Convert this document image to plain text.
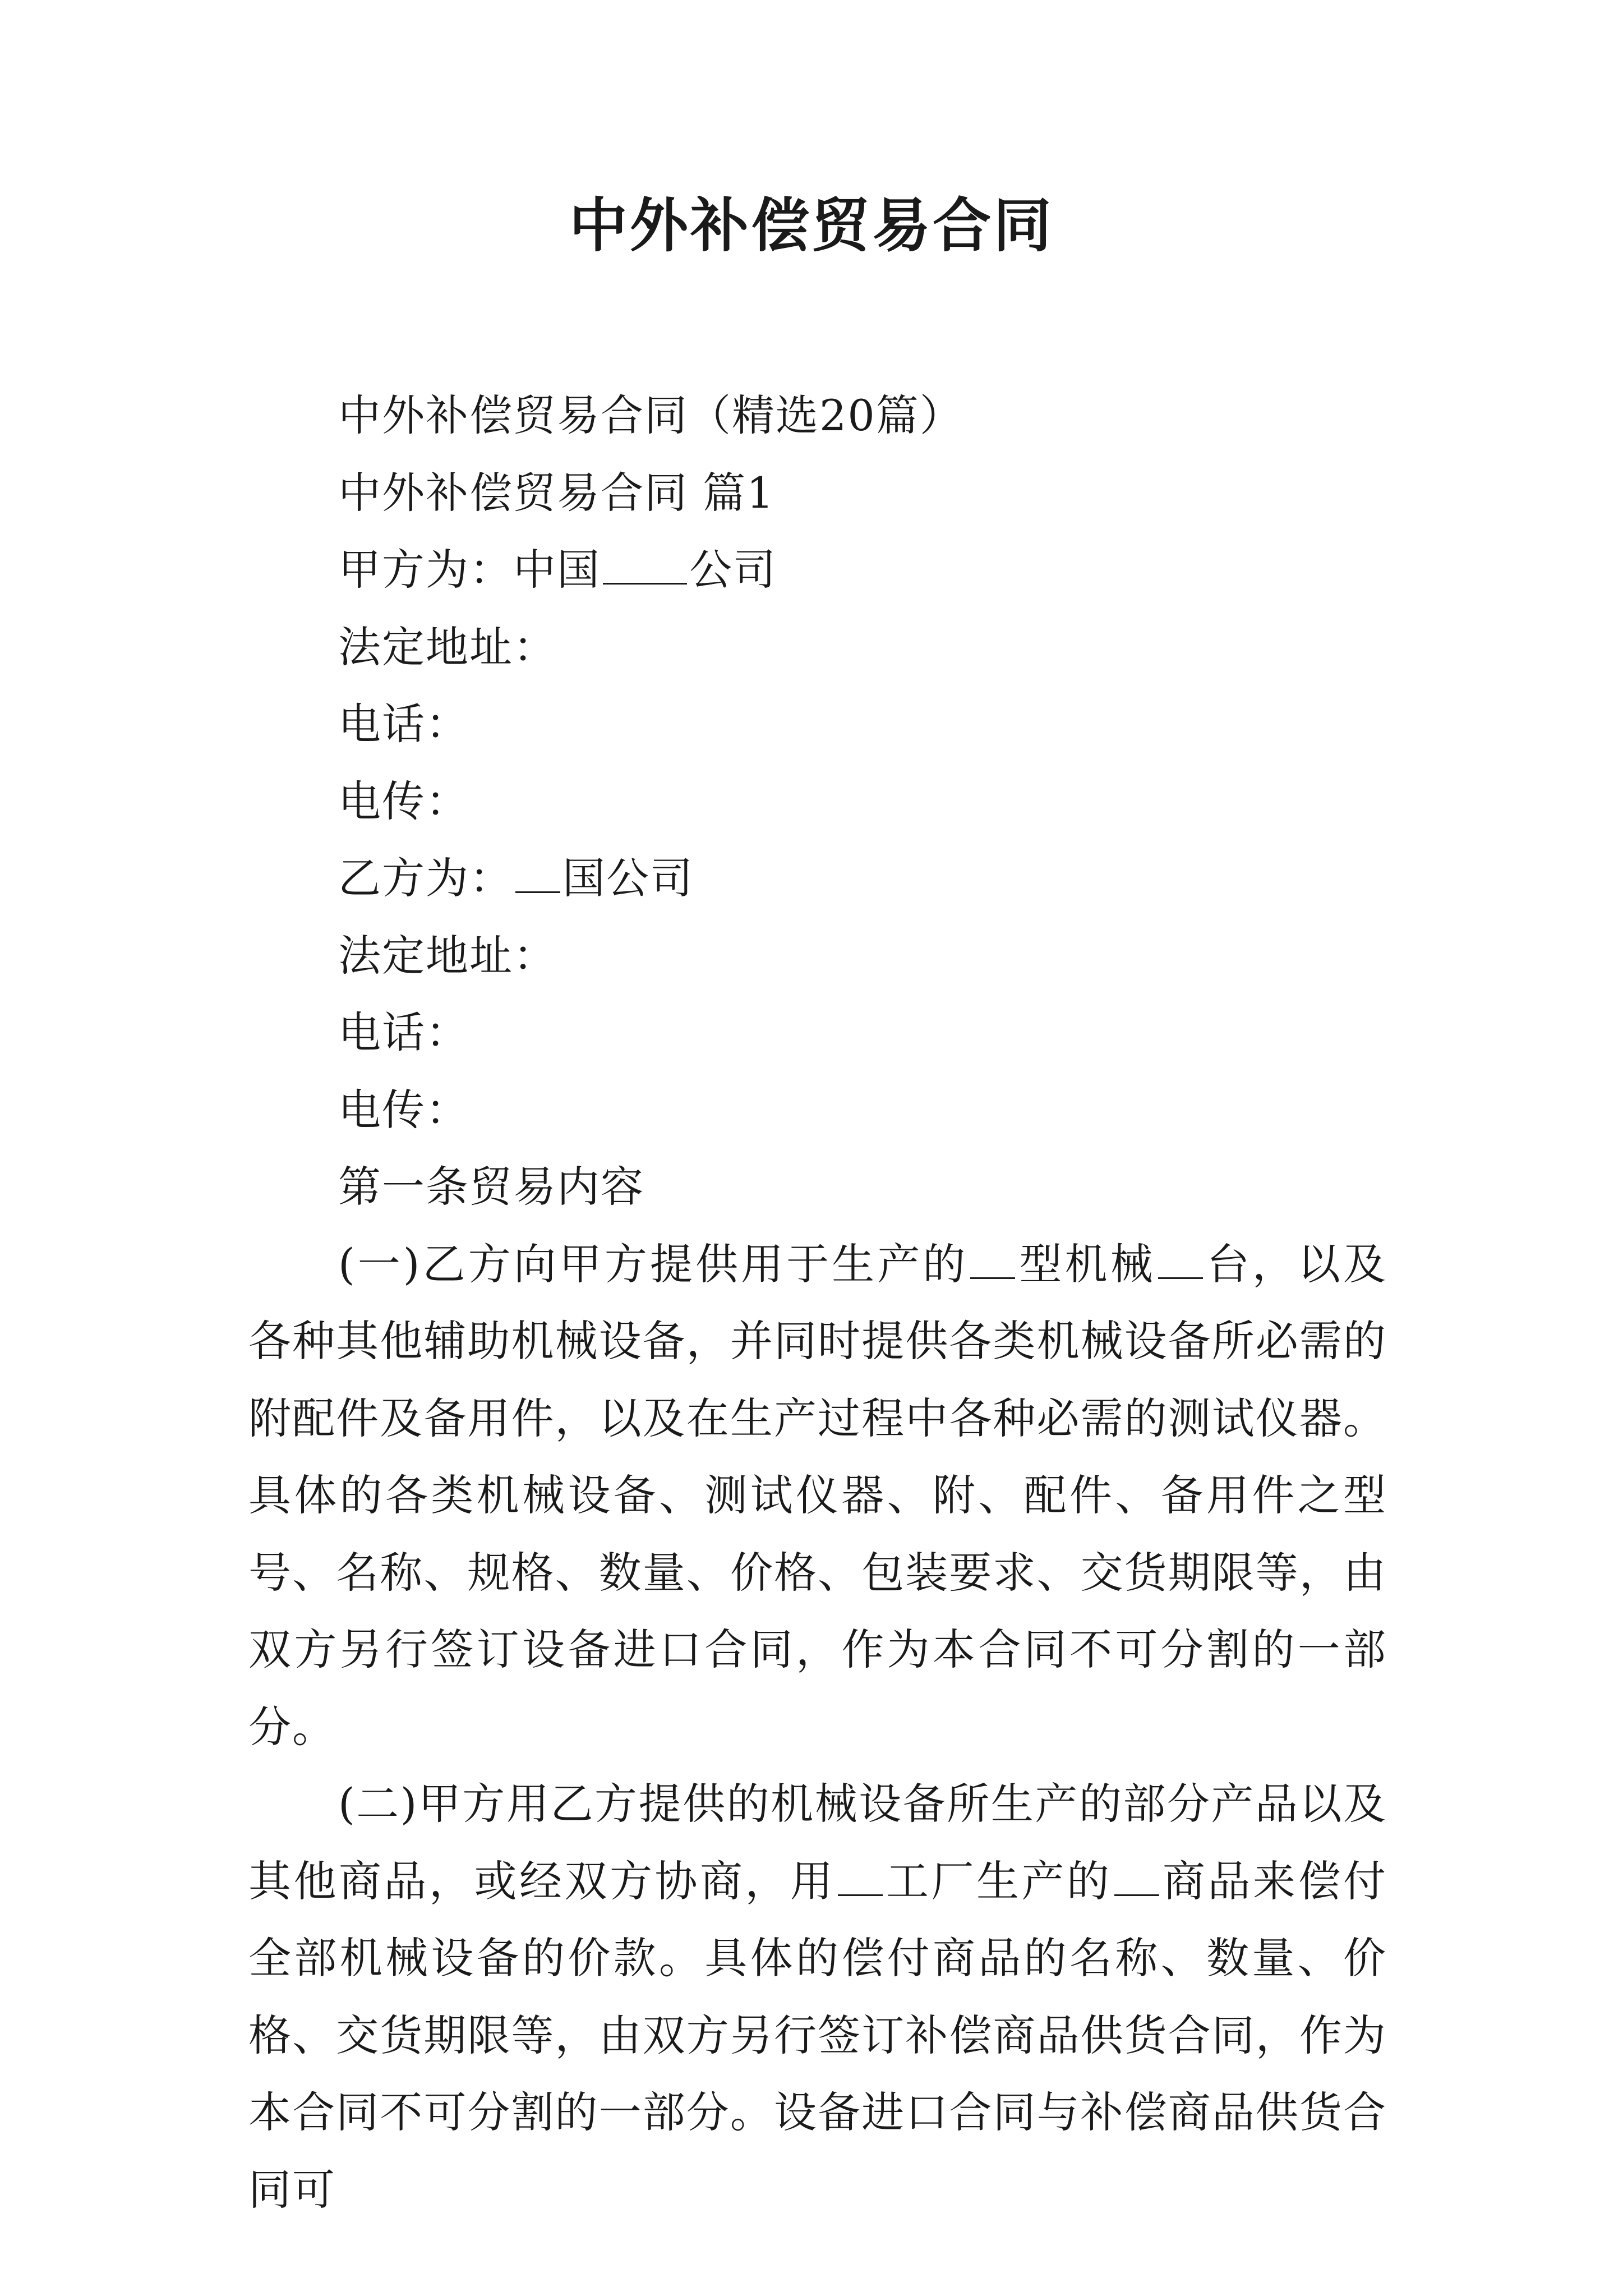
中外补偿贸易合同
中外补偿贸易合同（精选20篇）
中外补偿贸易合同 篇1
甲方为：中国 公司
法定地址：
电话：
电传：
乙方为： 国公司
法定地址：
电话：
电传：
第一条贸易内容
(一)乙方向甲方提供用于生产的 型机械 台，以及各种其他辅助机械设备，并同时提供各类机械设备所必需的附配件及备用件，以及在生产过程中各种必需的测试仪器。具体的各类机械设备、测试仪器、附、配件、备用件之型号、名称、规格、数量、价格、包装要求、交货期限等，由双方另行签订设备进口合同，作为本合同不可分割的一部分。
(二)甲方用乙方提供的机械设备所生产的部分产品以及其他商品，或经双方协商，用 工厂生产的 商品来偿付全部机械设备的价款。具体的偿付商品的名称、数量、价格、交货期限等，由双方另行签订补偿商品供货合同，作为本合同不可分割的一部分。设备进口合同与补偿商品供货合同可
